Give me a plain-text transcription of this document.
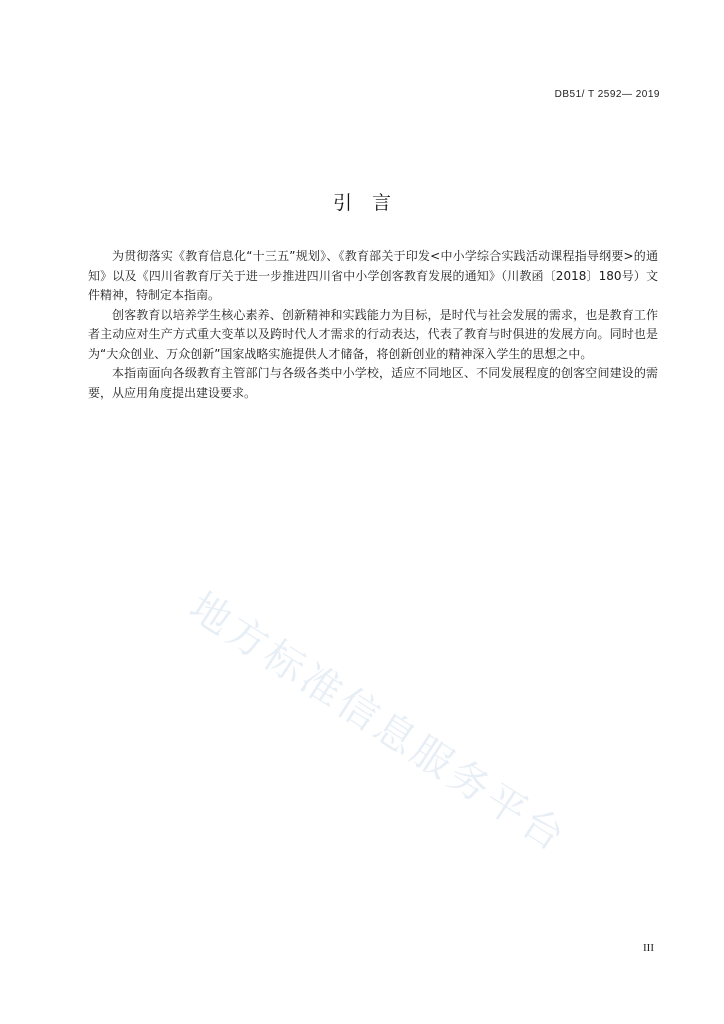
DB51/ T 2592— 2019
引言

为贯彻落实《教育信息化“十三五”规划》、《教育部关于印发<中小学综合实践活动课程指导纲要>的通知》以及《四川省教育厅关于进一步推进四川省中小学创客教育发展的通知》（川教函〔2018〕180号）文件精神，特制定本指南。

创客教育以培养学生核心素养、创新精神和实践能力为目标，是时代与社会发展的需求，也是教育工作者主动应对生产方式重大变革以及跨时代人才需求的行动表达，代表了教育与时俱进的发展方向。同时也是为“大众创业、万众创新”国家战略实施提供人才储备，将创新创业的精神深入学生的思想之中。

本指南面向各级教育主管部门与各级各类中小学校，适应不同地区、不同发展程度的创客空间建设的需要，从应用角度提出建设要求。

地方标准信息服务平台
III
